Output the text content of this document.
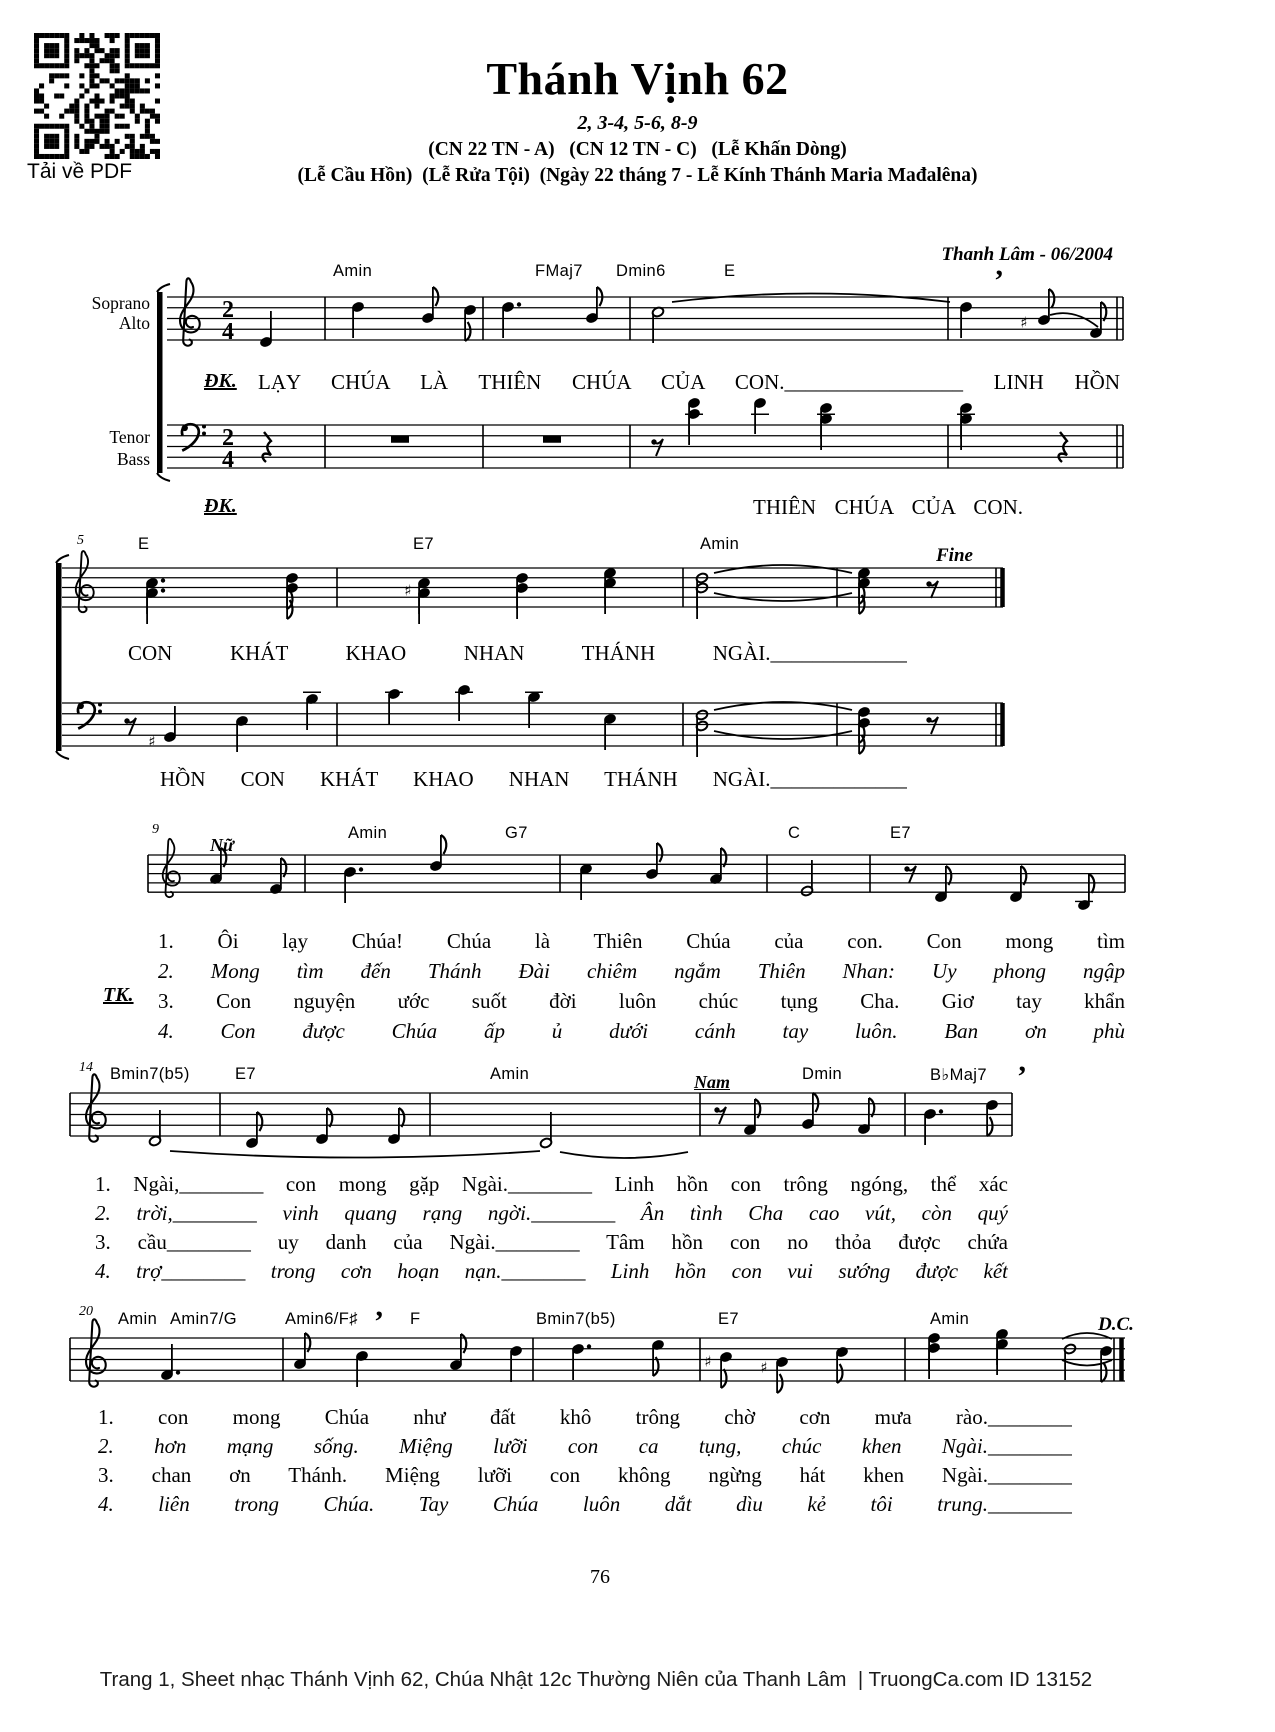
2
4
2
4
’
♯
♯
♯
’
♯	♯
’
Tải về PDF
Thánh Vịnh 62
2, 3-4, 5-6, 8-9
(CN 22 TN - A)   (CN 12 TN - C)   (Lễ Khấn Dòng)
(Lễ Cầu Hồn)  (Lễ Rửa Tội)  (Ngày 22 tháng 7 - Lễ Kính Thánh Maria Mađalêna)
Thanh Lâm - 06/2004
Soprano
Alto
Tenor
Bass
Amin	FMaj7 Dmin6	E
ĐK. LẠY CHÚA LÀ THIÊN CHÚA CỦA CON._________________ LINH HỒN
ĐK.	THIÊN CHÚA CỦA CON.
5	E	E7	Amin
Fine
CON KHÁT KHAO NHAN THÁNH NGÀI._____________
HỒN CON KHÁT KHAO NHAN THÁNH NGÀI._____________
9
Nữ
Amin	G7	C	E7
TK.
1. Ôi lạy Chúa! Chúa là Thiên Chúa của con. Con mong tìm
2. Mong tìm đến Thánh Đài chiêm ngắm Thiên Nhan: Uy phong ngập
3. Con nguyện ước suốt đời luôn chúc tụng Cha. Giơ tay khẩn
4. Con được Chúa ấp ủ dưới cánh tay luôn. Ban ơn phù
14 Bmin7(b5)	E7	Amin	Nam	Dmin	B♭Maj7
1. Ngài,________ con mong gặp Ngài.________ Linh hồn con trông ngóng, thể xác
2. trời,________ vinh quang rạng ngời.________ Ân tình Cha cao vút, còn quý
3. cầu________ uy danh của Ngài.________ Tâm hồn con no thỏa được chứa
4. trợ________ trong cơn hoạn nạn.________ Linh hồn con vui sướng được kết
20 Amin Amin7/G	Amin6/F♯	F	Bmin7(b5)	E7	Amin	D.C.
1. con mong Chúa như đất khô trông chờ cơn mưa rào.________
2. hơn mạng sống. Miệng lưỡi con ca tụng, chúc khen Ngài.________
3. chan ơn Thánh. Miệng lưỡi con không ngừng hát khen Ngài.________
4. liên trong Chúa. Tay Chúa luôn dắt dìu kẻ tôi trung.________
76
Trang 1, Sheet nhạc Thánh Vịnh 62, Chúa Nhật 12c Thường Niên của Thanh Lâm  | TruongCa.com ID 13152
